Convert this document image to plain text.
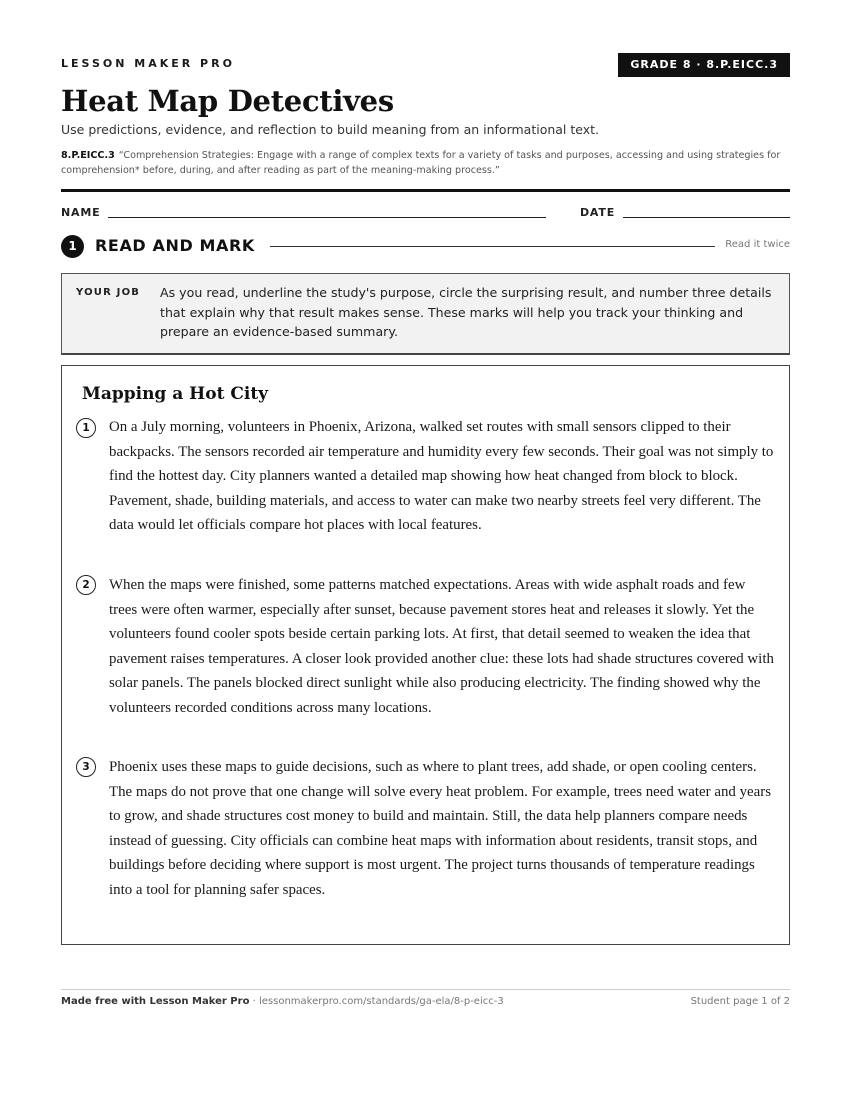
LESSON MAKER PRO	GRADE 8 · 8.P.EICC.3
Heat Map Detectives
Use predictions, evidence, and reflection to build meaning from an informational text.
8.P.EICC.3 “Comprehension Strategies: Engage with a range of complex texts for a variety of tasks and purposes, accessing and using strategies for comprehension* before, during, and after reading as part of the meaning-making process.”
NAME	DATE
1	READ AND MARK	Read it twice
YOUR JOB As you read, underline the study's purpose, circle the surprising result, and number three details that explain why that result makes sense. These marks will help you track your thinking and prepare an evidence-based summary.
Mapping a Hot City
1	On a July morning, volunteers in Phoenix, Arizona, walked set routes with small sensors clipped to their backpacks. The sensors recorded air temperature and humidity every few seconds. Their goal was not simply to find the hottest day. City planners wanted a detailed map showing how heat changed from block to block. Pavement, shade, building materials, and access to water can make two nearby streets feel very different. The data would let officials compare hot places with local features.

2	When the maps were finished, some patterns matched expectations. Areas with wide asphalt roads and few trees were often warmer, especially after sunset, because pavement stores heat and releases it slowly. Yet the volunteers found cooler spots beside certain parking lots. At first, that detail seemed to weaken the idea that pavement raises temperatures. A closer look provided another clue: these lots had shade structures covered with solar panels. The panels blocked direct sunlight while also producing electricity. The finding showed why the volunteers recorded conditions across many locations.

3	Phoenix uses these maps to guide decisions, such as where to plant trees, add shade, or open cooling centers. The maps do not prove that one change will solve every heat problem. For example, trees need water and years to grow, and shade structures cost money to build and maintain. Still, the data help planners compare needs instead of guessing. City officials can combine heat maps with information about residents, transit stops, and buildings before deciding where support is most urgent. The project turns thousands of temperature readings into a tool for planning safer spaces.

Made free with Lesson Maker Pro · lessonmakerpro.com/standards/ga-ela/8-p-eicc-3	Student page 1 of 2
